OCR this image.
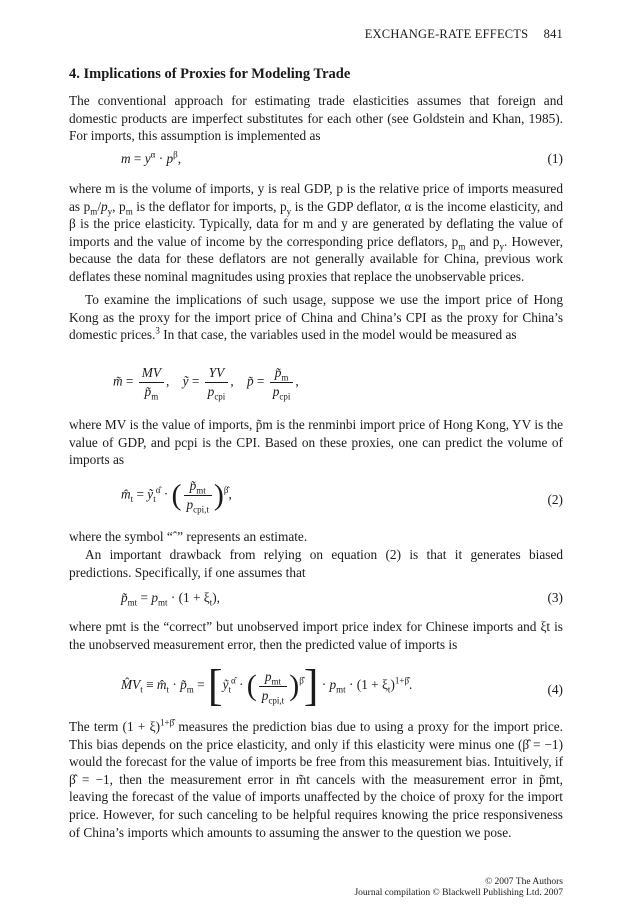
EXCHANGE-RATE EFFECTS 841
4. Implications of Proxies for Modeling Trade

The conventional approach for estimating trade elasticities assumes that foreign and domestic products are imperfect substitutes for each other (see Goldstein and Khan, 1985). For imports, this assumption is implemented as

$m = y^\alpha \cdot p^\beta$,	(1)

where m is the volume of imports, y is real GDP, p is the relative price of imports measured as $p_m/p_y$, $p_m$ is the deflator for imports, $p_y$ is the GDP deflator, α is the income elasticity, and β is the price elasticity. Typically, data for m and y are generated by deflating the value of imports and the value of income by the corresponding price deflators, $p_m$ and $p_y$. However, because the data for these deflators are not generally available for China, previous work deflates these nominal magnitudes using proxies that replace the unobservable prices.

To examine the implications of such usage, suppose we use the import price of Hong Kong as the proxy for the import price of China and China’s CPI as the proxy for China’s domestic prices.$^3$ In that case, the variables used in the model would be measured as

m̃ = $\frac{MV}{p̃_m}$ ,    ỹ = $\frac{YV}{p_{cpi}}$ ,    p̃ = $\frac{p̃_m}{p_{cpi}}$ ,

where MV is the value of imports, p̃m is the renminbi import price of Hong Kong, YV is the value of GDP, and pcpi is the CPI. Based on these proxies, one can predict the volume of imports as

$m̂_t$ = ỹ$_t^{\alphâ}$ · ( $\frac{p̃_{mt}}{p_{cpi,t}} )^{\betâ}$,	(2)

where the symbol “ˆ” represents an estimate.

An important drawback from relying on equation (2) is that it generates biased predictions. Specifically, if one assumes that

$p̃_{mt} = p_{mt} \cdot (1 + \xi_t)$,	(3)

where pmt is the “correct” but unobserved import price index for Chinese imports and ξt is the unobserved measurement error, then the predicted value of imports is

$M̂V_t$ ≡ $m̂_t$ · $p̃_m$ = [ỹ$_t^{\alphâ}$ · ( $\frac{p_{mt}}{p_{cpi,t}} )^{\betâ}] \cdot p_{mt} \cdot (1 + \xi_t)^{1+\betâ}$.	(4)

The term $(1 + \xi)^{1+\betâ}$ measures the prediction bias due to using a proxy for the import price. This bias depends on the price elasticity, and only if this elasticity were minus one (β̂ = −1) would the forecast for the value of imports be free from this measurement bias. Intuitively, if β̂ = −1, then the measurement error in m̃t cancels with the measurement error in p̃mt, leaving the forecast of the value of imports unaffected by the choice of proxy for the import price. However, for such canceling to be helpful requires knowing the price responsiveness of China’s imports which amounts to assuming the answer to the question we pose.

© 2007 The Authors
Journal compilation © Blackwell Publishing Ltd. 2007
